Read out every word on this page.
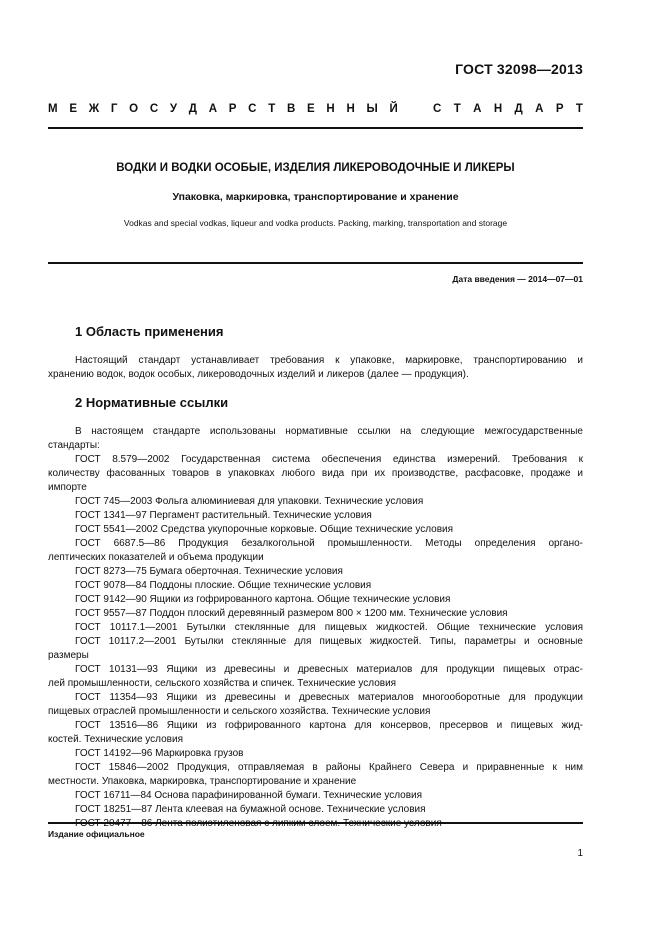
ГОСТ 32098—2013
М Е Ж Г О С У Д А Р С Т В Е Н Н Ы Й	С Т А Н Д А Р Т
ВОДКИ И ВОДКИ ОСОБЫЕ, ИЗДЕЛИЯ ЛИКЕРОВОДОЧНЫЕ И ЛИКЕРЫ
Упаковка, маркировка, транспортирование и хранение
Vodkas and special vodkas, liqueur and vodka products. Packing, marking, transportation and storage
Дата введения — 2014—07—01
1 Область применения
Настоящий стандарт устанавливает требования к упаковке, маркировке, транспортированию и
хранению водок, водок особых, ликероводочных изделий и ликеров (далее — продукция).
2 Нормативные ссылки
В настоящем стандарте использованы нормативные ссылки на следующие межгосударственные
стандарты:
ГОСТ 8.579—2002 Государственная система обеспечения единства измерений. Требования к
количеству фасованных товаров в упаковках любого вида при их производстве, расфасовке, продаже и
импорте
ГОСТ 745—2003 Фольга алюминиевая для упаковки. Технические условия
ГОСТ 1341—97 Пергамент растительный. Технические условия
ГОСТ 5541—2002 Средства укупорочные корковые. Общие технические условия
ГОСТ 6687.5—86 Продукция безалкогольной промышленности. Методы определения органо-
лептических показателей и объема продукции
ГОСТ 8273—75 Бумага оберточная. Технические условия
ГОСТ 9078—84 Поддоны плоские. Общие технические условия
ГОСТ 9142—90 Ящики из гофрированного картона. Общие технические условия
ГОСТ 9557—87 Поддон плоский деревянный размером 800 × 1200 мм. Технические условия
ГОСТ 10117.1—2001 Бутылки стеклянные для пищевых жидкостей. Общие технические условия
ГОСТ 10117.2—2001 Бутылки стеклянные для пищевых жидкостей. Типы, параметры и основные
размеры
ГОСТ 10131—93 Ящики из древесины и древесных материалов для продукции пищевых отрас-
лей промышленности, сельского хозяйства и спичек. Технические условия
ГОСТ 11354—93 Ящики из древесины и древесных материалов многооборотные для продукции
пищевых отраслей промышленности и сельского хозяйства. Технические условия
ГОСТ 13516—86 Ящики из гофрированного картона для консервов, пресервов и пищевых жид-
костей. Технические условия
ГОСТ 14192—96 Маркировка грузов
ГОСТ 15846—2002 Продукция, отправляемая в районы Крайнего Севера и приравненные к ним
местности. Упаковка, маркировка, транспортирование и хранение
ГОСТ 16711—84 Основа парафинированной бумаги. Технические условия
ГОСТ 18251—87 Лента клеевая на бумажной основе. Технические условия
ГОСТ 20477—86 Лента полиэтиленовая с липким слоем. Технические условия
Издание официальное
1
